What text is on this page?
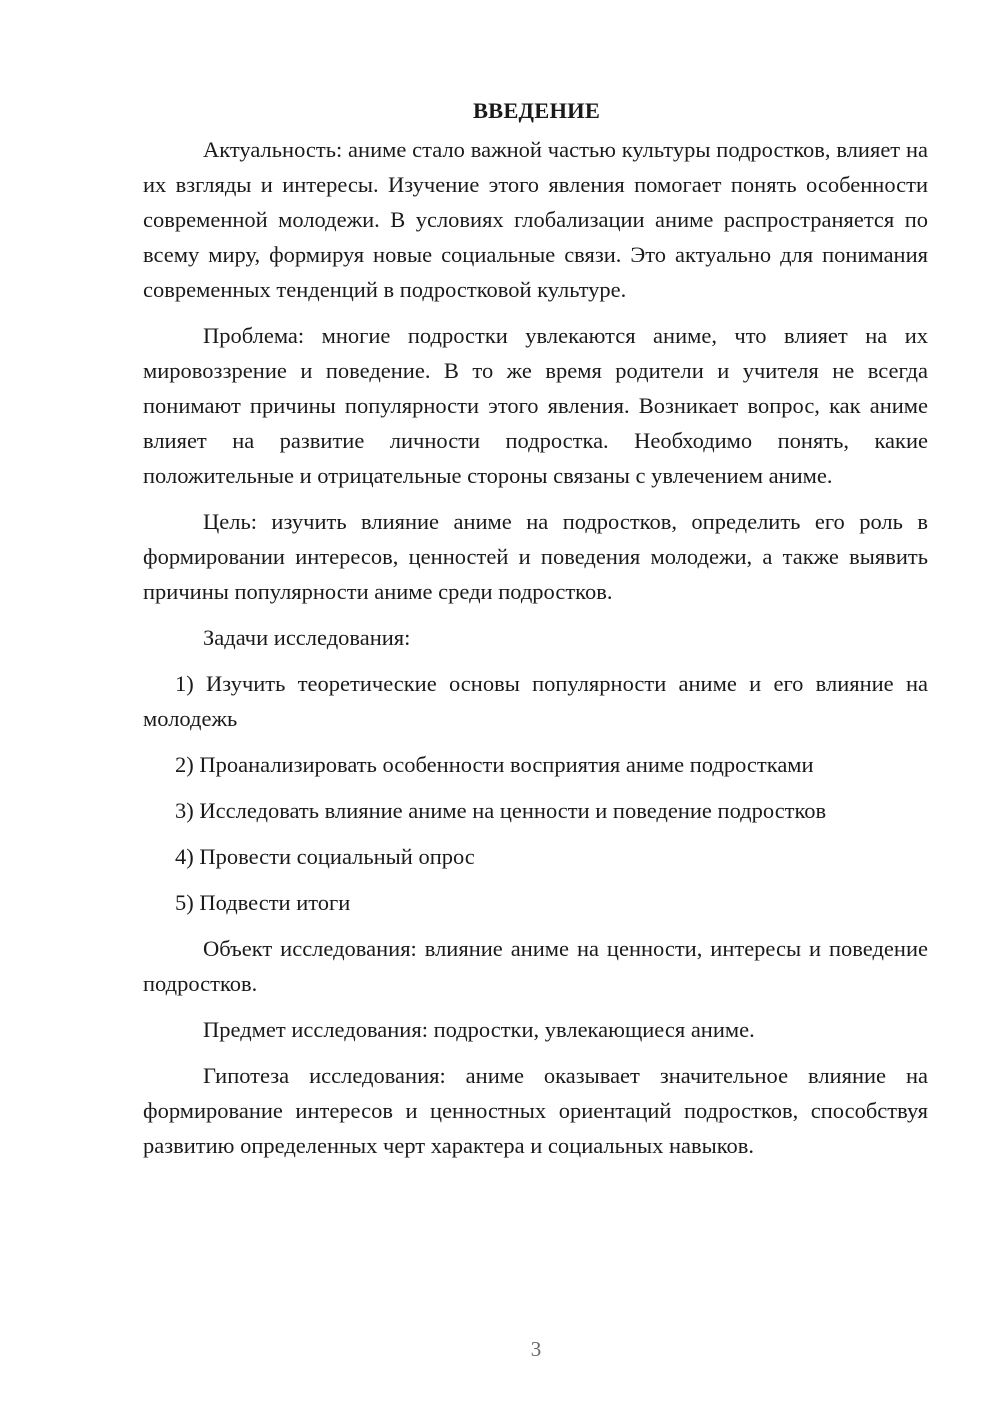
ВВЕДЕНИЕ

Актуальность: аниме стало важной частью культуры подростков, влияет на их взгляды и интересы. Изучение этого явления помогает понять особенности современной молодежи. В условиях глобализации аниме распространяется по всему миру, формируя новые социальные связи. Это актуально для понимания современных тенденций в подростковой культуре.

Проблема: многие подростки увлекаются аниме, что влияет на их мировоззрение и поведение. В то же время родители и учителя не всегда понимают причины популярности этого явления. Возникает вопрос, как аниме влияет на развитие личности подростка. Необходимо понять, какие положительные и отрицательные стороны связаны с увлечением аниме.

Цель: изучить влияние аниме на подростков, определить его роль в формировании интересов, ценностей и поведения молодежи, а также выявить причины популярности аниме среди подростков.

Задачи исследования:

1) Изучить теоретические основы популярности аниме и его влияние на молодежь
2) Проанализировать особенности восприятия аниме подростками
3) Исследовать влияние аниме на ценности и поведение подростков
4) Провести социальный опрос
5) Подвести итоги

Объект исследования: влияние аниме на ценности, интересы и поведение подростков.

Предмет исследования: подростки, увлекающиеся аниме.

Гипотеза исследования: аниме оказывает значительное влияние на формирование интересов и ценностных ориентаций подростков, способствуя развитию определенных черт характера и социальных навыков.

3
